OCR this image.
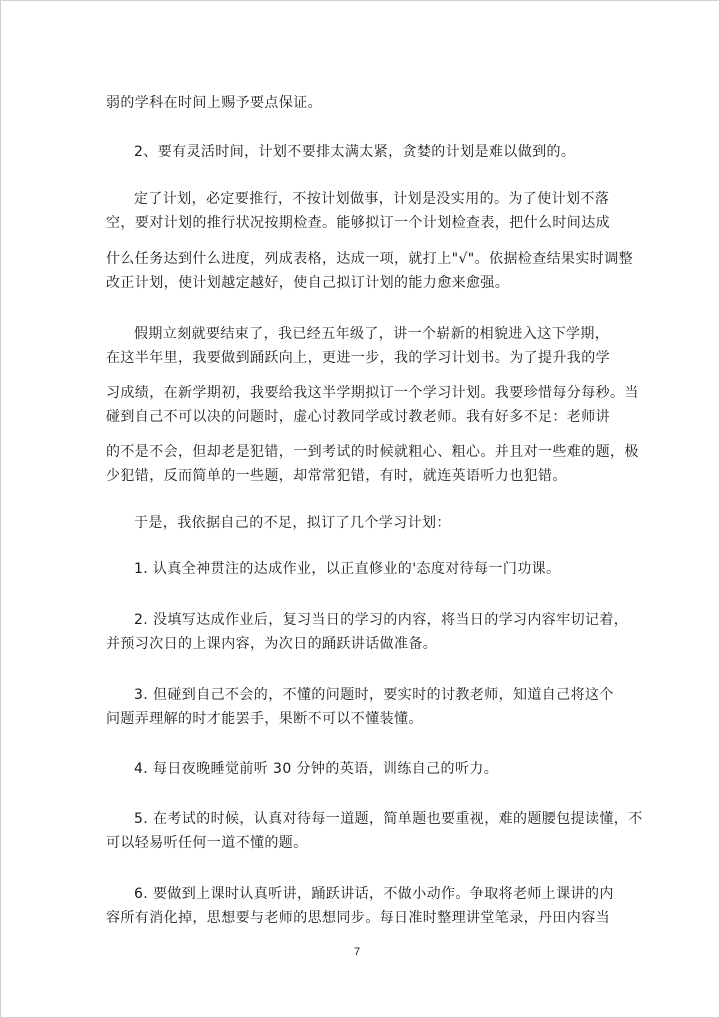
弱的学科在时间上赐予要点保证。
2、要有灵活时间，计划不要排太满太紧，贪婪的计划是难以做到的。
定了计划，必定要推行，不按计划做事，计划是没实用的。为了使计划不落
空，要对计划的推行状况按期检查。能够拟订一个计划检查表，把什么时间达成
什么任务达到什么进度，列成表格，达成一项，就打上"√"。依据检查结果实时调整
改正计划，使计划越定越好，使自己拟订计划的能力愈来愈强。
假期立刻就要结束了，我已经五年级了，讲一个崭新的相貌进入这下学期，
在这半年里，我要做到踊跃向上，更进一步，我的学习计划书。为了提升我的学
习成绩，在新学期初，我要给我这半学期拟订一个学习计划。我要珍惜每分每秒。当
碰到自己不可以决的问题时，虚心讨教同学或讨教老师。我有好多不足：老师讲
的不是不会，但却老是犯错，一到考试的时候就粗心、粗心。并且对一些难的题，极
少犯错，反而简单的一些题，却常常犯错，有时，就连英语听力也犯错。
于是，我依据自己的不足，拟订了几个学习计划：
1. 认真全神贯注的达成作业，以正直修业的'态度对待每一门功课。
2. 没填写达成作业后，复习当日的学习的内容，将当日的学习内容牢切记着，
并预习次日的上课内容，为次日的踊跃讲话做准备。
3. 但碰到自己不会的，不懂的问题时，要实时的讨教老师，知道自己将这个
问题弄理解的时才能罢手，果断不可以不懂装懂。
4. 每日夜晚睡觉前听 30 分钟的英语，训练自己的听力。
5. 在考试的时候，认真对待每一道题，简单题也要重视，难的题腰包提读懂，不
可以轻易听任何一道不懂的题。
6. 要做到上课时认真听讲，踊跃讲话，不做小动作。争取将老师上课讲的内
容所有消化掉，思想要与老师的思想同步。每日准时整理讲堂笔录，丹田内容当
7
